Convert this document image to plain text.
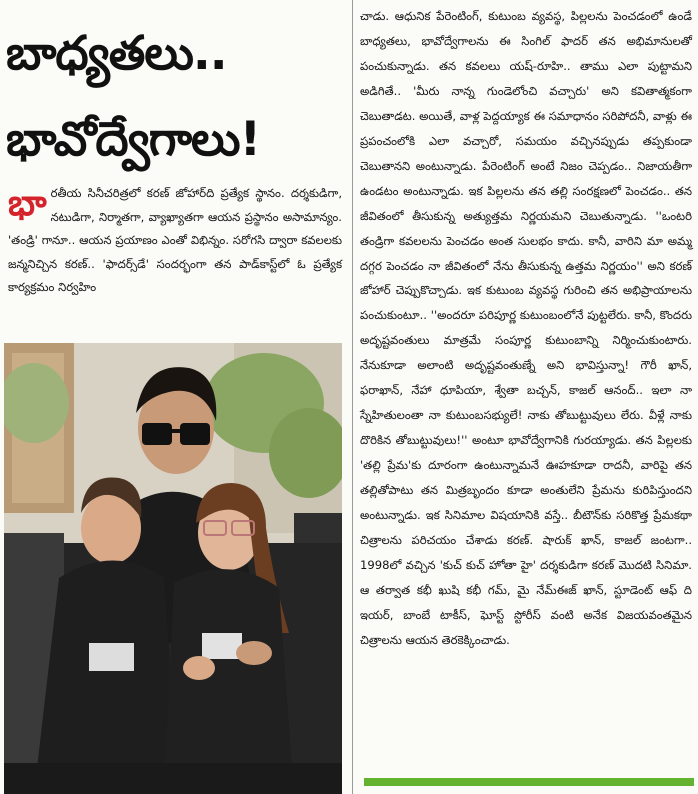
బాధ్యతలు..
భావోద్వేగాలు!
భా రతీయ సినీచరిత్రలో కరణ్‌ జోహార్‌ది ప్రత్యేక స్థానం. దర్శకుడిగా, నటుడిగా, నిర్మాతగా, వ్యాఖ్యాతగా ఆయన ప్రస్థానం అసామాన్యం. 'తండ్రి' గానూ.. ఆయన ప్రయాణం ఎంతో విభిన్నం. సరోగసి ద్వారా కవలలకు జన్మనిచ్చిన కరణ్‌.. 'ఫాదర్స్‌డే' సందర్భంగా తన పాడ్‌కాస్ట్‌లో ఓ ప్రత్యేక కార్యక్రమం నిర్వహిం

చాడు. ఆధునిక పేరెంటింగ్‌, కుటుంబ వ్యవస్థ, పిల్లలను పెంచడంలో ఉండే బాధ్యతలు, భావోద్వేగాలను ఈ సింగిల్‌ ఫాదర్‌ తన అభిమానులతో పంచుకున్నాడు. తన కవలలు యష్‌-రూహి.. తాము ఎలా పుట్టామని అడిగితే.. 'మీరు నాన్న గుండెలోంచి వచ్చారు' అని కవితాత్మకంగా చెబుతాడట. అయితే, వాళ్ల పెద్దయ్యాక ఈ సమాధానం సరిపోదనీ, వాళ్లు ఈ ప్రపంచంలోకి ఎలా వచ్చారో, సమయం వచ్చినప్పుడు తప్పకుండా చెబుతానని అంటున్నాడు. పేరెంటింగ్‌ అంటే నిజం చెప్పడం.. నిజాయతీగా ఉండటం అంటున్నాడు. ఇక పిల్లలను తన తల్లి సంరక్షణలో పెంచడం.. తన జీవితంలో తీసుకున్న అత్యుత్తమ నిర్ణయమని చెబుతున్నాడు. ''ఒంటరి తండ్రిగా కవలలను పెంచడం అంత సులభం కాదు. కానీ, వారిని మా అమ్మ దగ్గర పెంచడం నా జీవితంలో నేను తీసుకున్న ఉత్తమ నిర్ణయం'' అని కరణ్‌ జోహార్‌ చెప్పుకొచ్చాడు. ఇక కుటుంబ వ్యవస్థ గురించి తన అభిప్రాయాలను పంచుకుంటూ.. ''అందరూ పరిపూర్ణ కుటుంబంలోనే పుట్టలేరు. కానీ, కొందరు అదృష్టవంతులు మాత్రమే సంపూర్ణ కుటుంబాన్ని నిర్మించుకుంటారు. నేనుకూడా అలాంటి అదృష్టవంతుణ్నే అని భావిస్తున్నా! గౌరీ ఖాన్‌, ఫరాఖాన్‌, నేహా ధూపియా, శ్వేతా బచ్చన్‌, కాజల్‌ ఆనంద్‌.. ఇలా నా స్నేహితులంతా నా కుటుంబసభ్యులే! నాకు తోబుట్టువులు లేరు. వీళ్లే నాకు దొరికిన తోబుట్టువులు!'' అంటూ భావోద్వేగానికి గురయ్యాడు. తన పిల్లలకు 'తల్లి ప్రేమ'కు దూరంగా ఉంటున్నామనే ఊహకూడా రాదనీ, వారిపై తన తల్లితోపాటు తన మిత్రబృందం కూడా అంతులేని ప్రేమను కురిపిస్తుందని అంటున్నాడు. ఇక సినిమాల విషయానికి వస్తే.. బీటౌన్‌కు సరికొత్త ప్రేమకథా చిత్రాలను పరిచయం చేశాడు కరణ్‌. షారుక్‌ ఖాన్‌, కాజల్‌ జంటగా.. 1998లో వచ్చిన 'కుచ్‌ కుచ్‌ హోతా హై' దర్శకుడిగా కరణ్‌ మొదటి సినిమా. ఆ తర్వాత కభీ ఖుషి కభీ గమ్‌, మై నేమ్‌ఈజ్‌ ఖాన్‌, స్టూడెంట్‌ ఆఫ్‌ ది ఇయర్‌, బాంబే టాకీస్‌, ఘోస్ట్‌ స్టోరీస్‌ వంటి అనేక విజయవంతమైన చిత్రాలను ఆయన తెరకెక్కించాడు.
